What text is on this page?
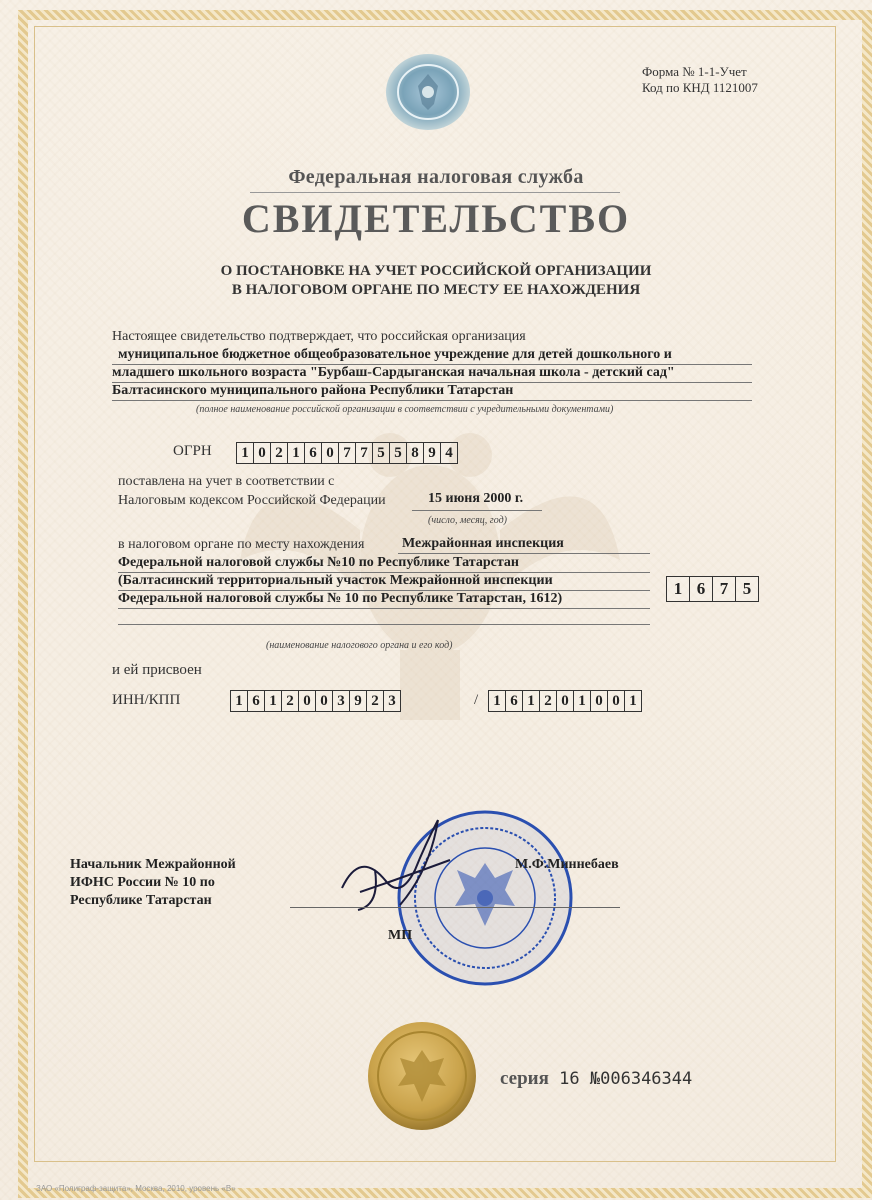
Форма № 1-1-Учет
Код по КНД 1121007
Федеральная налоговая служба
СВИДЕТЕЛЬСТВО
О ПОСТАНОВКЕ НА УЧЕТ РОССИЙСКОЙ ОРГАНИЗАЦИИ
В НАЛОГОВОМ ОРГАНЕ ПО МЕСТУ ЕЕ НАХОЖДЕНИЯ
Настоящее свидетельство подтверждает, что российская организация
муниципальное бюджетное общеобразовательное учреждение для детей дошкольного и
младшего школьного возраста "Бурбаш-Сардыганская начальная школа - детский сад"
Балтасинского муниципального района Республики Татарстан
(полное наименование российской организации в соответствии с учредительными документами)
ОГРН 1 0 2 1 6 0 7 7 5 5 8 9 4
поставлена на учет в соответствии с
Налоговым кодексом Российской Федерации	15 июня 2000 г.
(число, месяц, год)
в налоговом органе по месту нахождения	Межрайонная инспекция
Федеральной налоговой службы №10 по Республике Татарстан
(Балтасинский территориальный участок Межрайонной инспекции
Федеральной налоговой службы № 10 по Республике Татарстан, 1612)
1 6 7 5
(наименование налогового органа и его код)
и ей присвоен
ИНН/КПП	1 6 1 2 0 0 3 9 2 3	/ 1 6 1 2 0 1 0 0 1
Начальник Межрайонной
ИФНС России № 10 по
Республике Татарстан
М.Ф.Миннебаев
МП
серия 16 №006346344
ЗАО «Полиграф-защита», Москва, 2010, уровень «В»
